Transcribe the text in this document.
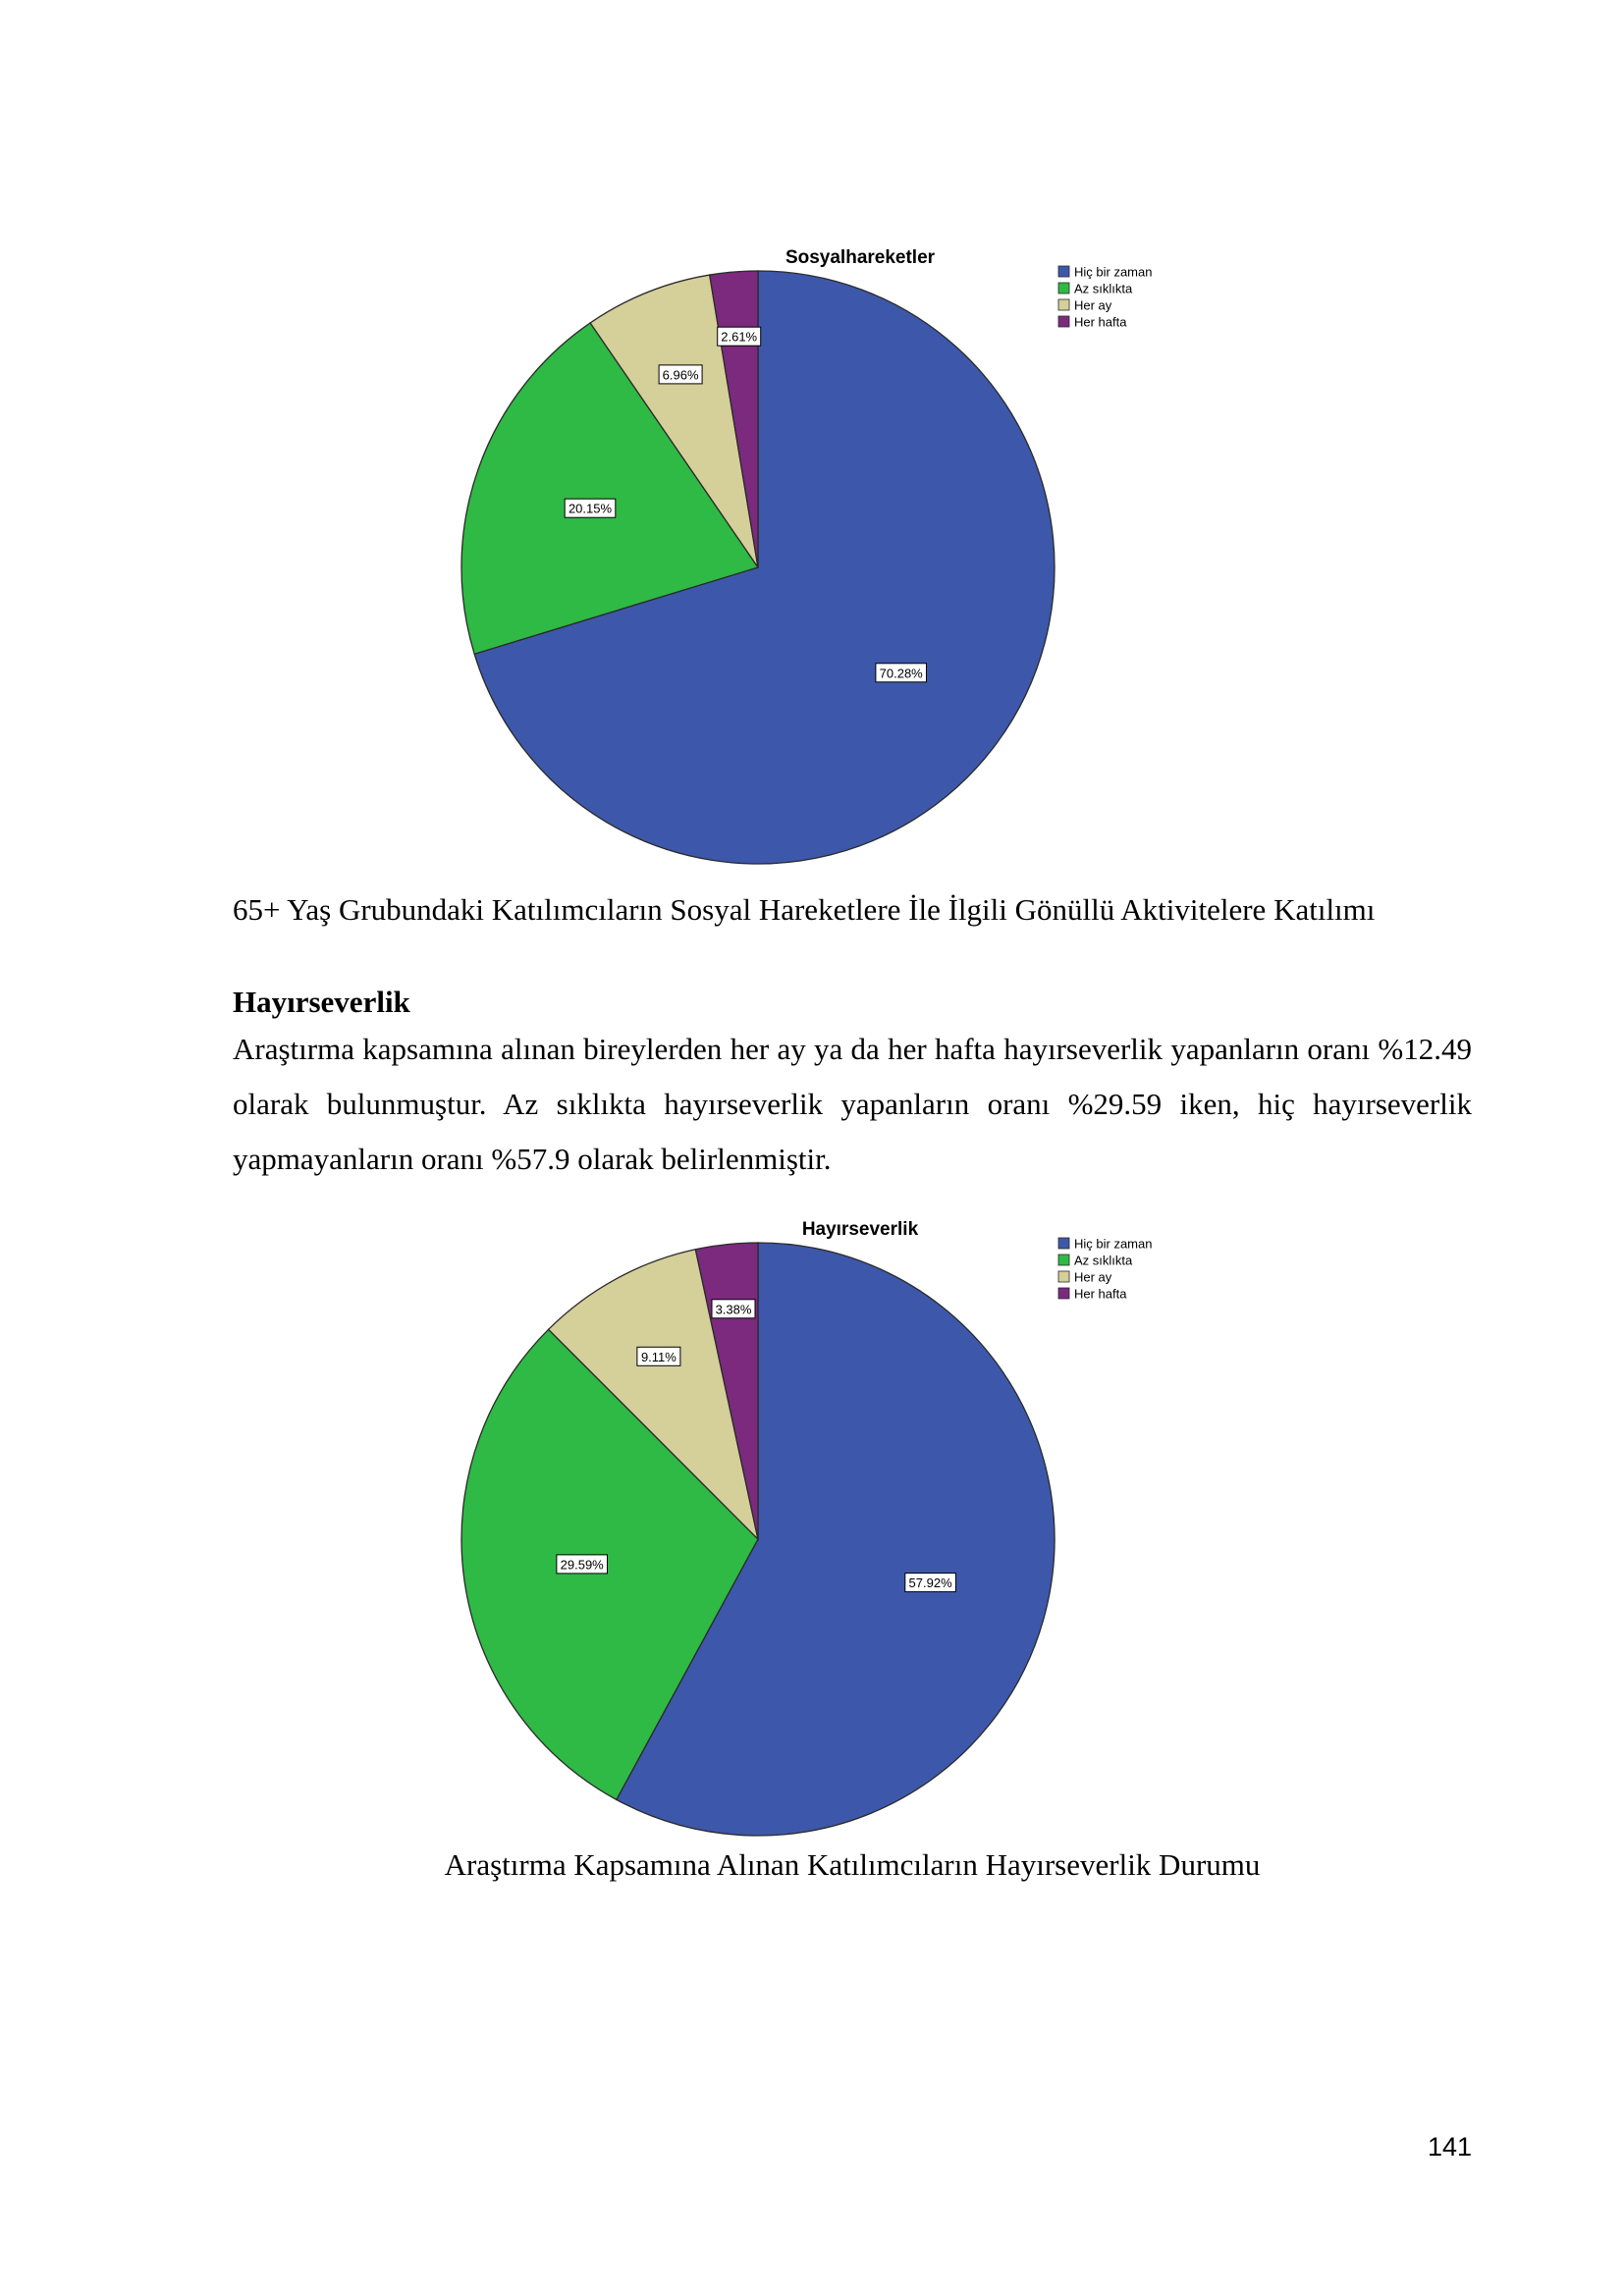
Sosyalhareketler
70.28%
20.15%
6.96%
2.61%
Hiç bir zaman
Az sıklıkta
Her ay
Her hafta

65+ Yaş Grubundaki Katılımcıların Sosyal Hareketlere İle İlgili Gönüllü Aktivitelere Katılımı

Hayırseverlik

Araştırma kapsamına alınan bireylerden her ay ya da her hafta hayırseverlik yapanların oranı %12.49 olarak bulunmuştur. Az sıklıkta hayırseverlik yapanların oranı %29.59 iken, hiç hayırseverlik yapmayanların oranı %57.9 olarak belirlenmiştir.

Hayırseverlik
57.92%
29.59%
9.11%
3.38%
Hiç bir zaman
Az sıklıkta
Her ay
Her hafta

Araştırma Kapsamına Alınan Katılımcıların Hayırseverlik Durumu

141
